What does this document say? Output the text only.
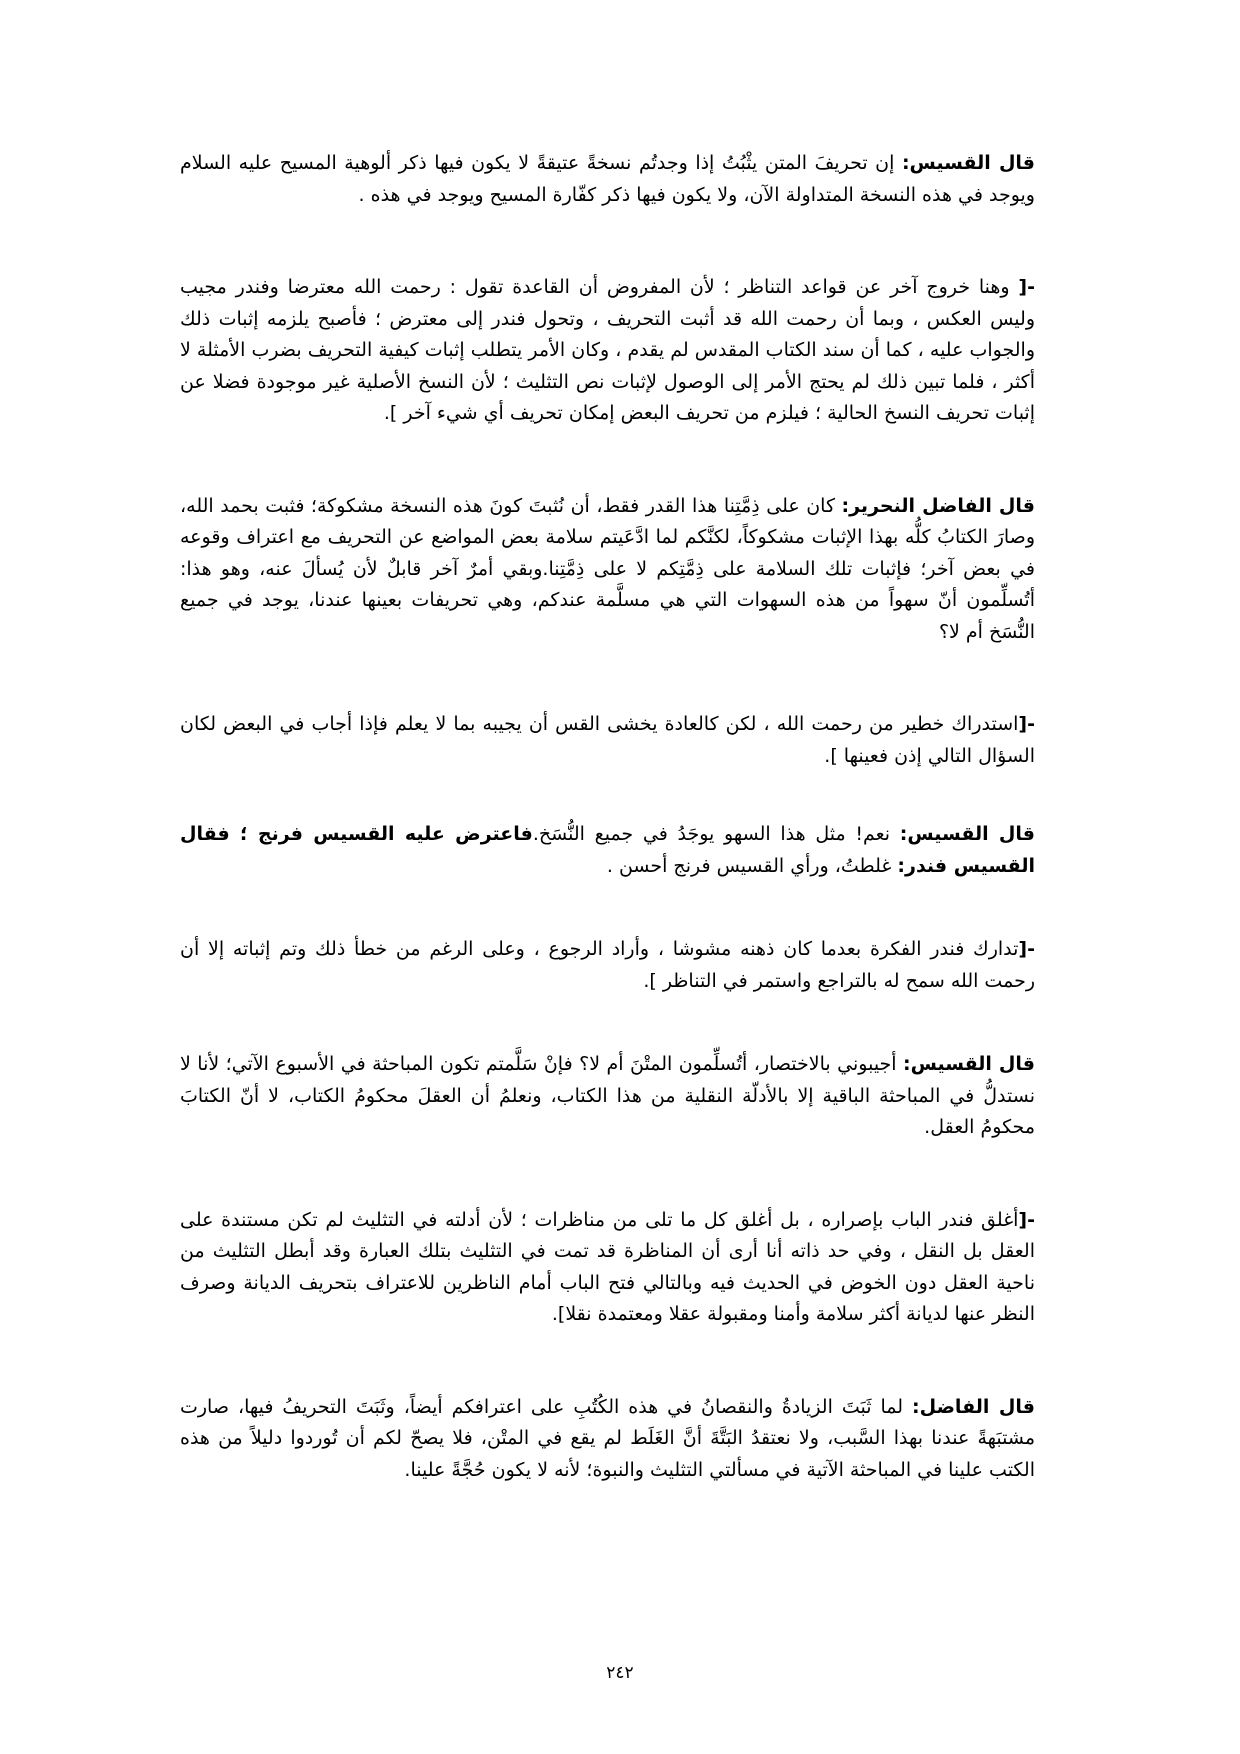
قال القسيس: إن تحريفَ المتن يثْبُتُ إذا وجدتُم نسخةً عتيقةً لا يكون فيها ذكر ألوهية المسيح عليه السلام ويوجد في هذه النسخة المتداولة الآن، ولا يكون فيها ذكر كفّارة المسيح ويوجد في هذه .

-[ وهنا خروج آخر عن قواعد التناظر ؛ لأن المفروض أن القاعدة تقول : رحمت الله معترضا وفندر مجيب وليس العكس ، وبما أن رحمت الله قد أثبت التحريف ، وتحول فندر إلى معترض ؛ فأصبح يلزمه إثبات ذلك والجواب عليه ، كما أن سند الكتاب المقدس لم يقدم ، وكان الأمر يتطلب إثبات كيفية التحريف بضرب الأمثلة لا أكثر ، فلما تبين ذلك لم يحتج الأمر إلى الوصول لإثبات نص التثليث ؛ لأن النسخ الأصلية غير موجودة فضلا عن إثبات تحريف النسخ الحالية ؛ فيلزم من تحريف البعض إمكان تحريف أي شيء آخر ].

قال الفاضل النحرير: كان على ذِمَّتِنا هذا القدر فقط، أن نُثبتَ كونَ هذه النسخة مشكوكة؛ فثبت بحمد الله، وصارَ الكتابُ كلُّه بهذا الإثبات مشكوكاً، لكنَّكم لما ادَّعَيتم سلامة بعض المواضع عن التحريف مع اعتراف وقوعه في بعض آخر؛ فإثبات تلك السلامة على ذِمَّتِكم لا على ذِمَّتِنا.وبقي أمرٌ آخر قابلٌ لأن يُسألَ عنه، وهو هذا: أتُسلِّمون أنّ سهواً من هذه السهوات التي هي مسلَّمة عندكم، وهي تحريفات بعينها عندنا، يوجد في جميع النُّسَخ أم لا؟

-[استدراك خطير من رحمت الله ، لكن كالعادة يخشى القس أن يجيبه بما لا يعلم فإذا أجاب في البعض لكان السؤال التالي إذن فعينها ].

قال القسيس: نعم! مثل هذا السهو يوجَدُ في جميع النُّسَخ.فاعترض عليه القسيس فرنج ؛ فقال القسيس فندر: غلطتُ، ورأي القسيس فرنج أحسن .

-[تدارك فندر الفكرة بعدما كان ذهنه مشوشا ، وأراد الرجوع ، وعلى الرغم من خطأ ذلك وتم إثباته إلا أن رحمت الله سمح له بالتراجع واستمر في التناظر ].

قال القسيس: أجيبوني بالاختصار، أتُسلِّمون المتْنَ أم لا؟ فإنْ سَلَّمتم تكون المباحثة في الأسبوع الآتي؛ لأنا لا نستدلُّ في المباحثة الباقية إلا بالأدلّة النقلية من هذا الكتاب، ونعلمُ أن العقلَ محكومُ الكتاب، لا أنّ الكتابَ محكومُ العقل.

-[أغلق فندر الباب بإصراره ، بل أغلق كل ما تلى من مناظرات ؛ لأن أدلته في التثليث لم تكن مستندة على العقل بل النقل ، وفي حد ذاته أنا أرى أن المناظرة قد تمت في التثليث بتلك العبارة وقد أبطل التثليث من ناحية العقل دون الخوض في الحديث فيه وبالتالي فتح الباب أمام الناظرين للاعتراف بتحريف الديانة وصرف النظر عنها لديانة أكثر سلامة وأمنا ومقبولة عقلا ومعتمدة نقلا].

قال الفاضل: لما ثَبَتَ الزيادةُ والنقصانُ في هذه الكُتُبِ على اعترافكم أيضاً، وثَبَتَ التحريفُ فيها، صارت مشتبَهةً عندنا بهذا السَّبب، ولا نعتقدُ البَتَّةَ أنَّ الغَلَط لم يقع في المتْن، فلا يصحّ لكم أن تُوردوا دليلاً من هذه الكتب علينا في المباحثة الآتية في مسألتي التثليث والنبوة؛ لأنه لا يكون حُجَّةً علينا.

٢٤٢
